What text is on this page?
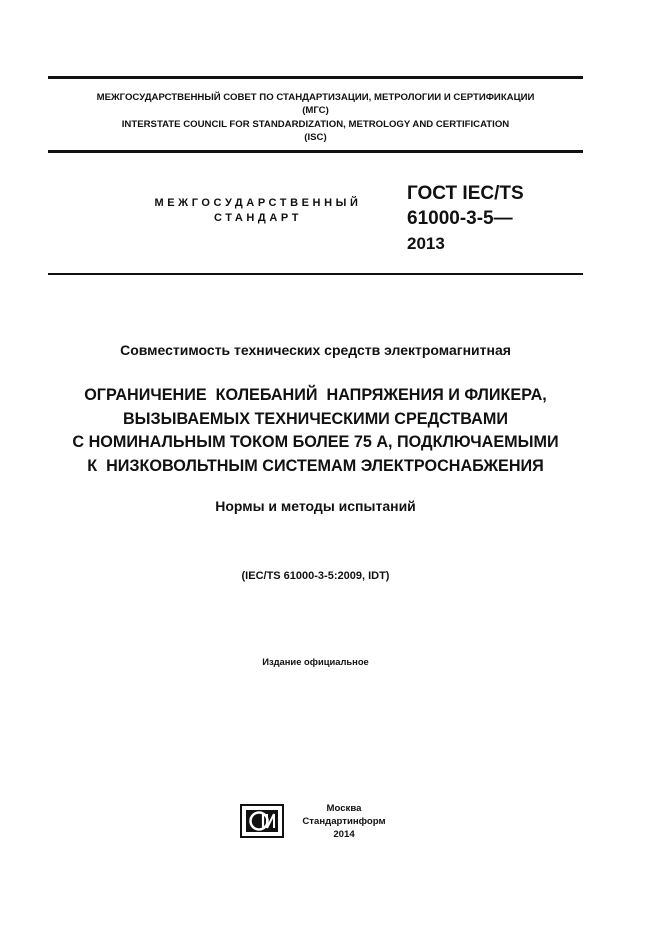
МЕЖГОСУДАРСТВЕННЫЙ СОВЕТ ПО СТАНДАРТИЗАЦИИ, МЕТРОЛОГИИ И СЕРТИФИКАЦИИ
(МГС)
INTERSTATE COUNCIL FOR STANDARDIZATION, METROLOGY AND CERTIFICATION
(ISC)
МЕЖГОСУДАРСТВЕННЫЙ
СТАНДАРТ
ГОСТ IEC/TS
61000-3-5—
2013
Совместимость технических средств электромагнитная
ОГРАНИЧЕНИЕ  КОЛЕБАНИЙ  НАПРЯЖЕНИЯ И ФЛИКЕРА,
ВЫЗЫВАЕМЫХ ТЕХНИЧЕСКИМИ СРЕДСТВАМИ
С НОМИНАЛЬНЫМ ТОКОМ БОЛЕЕ 75 А, ПОДКЛЮЧАЕМЫМИ
К  НИЗКОВОЛЬТНЫМ СИСТЕМАМ ЭЛЕКТРОСНАБЖЕНИЯ
Нормы и методы испытаний
(IEC/TS 61000-3-5:2009, IDT)
Издание официальное
Москва
Стандартинформ
2014
